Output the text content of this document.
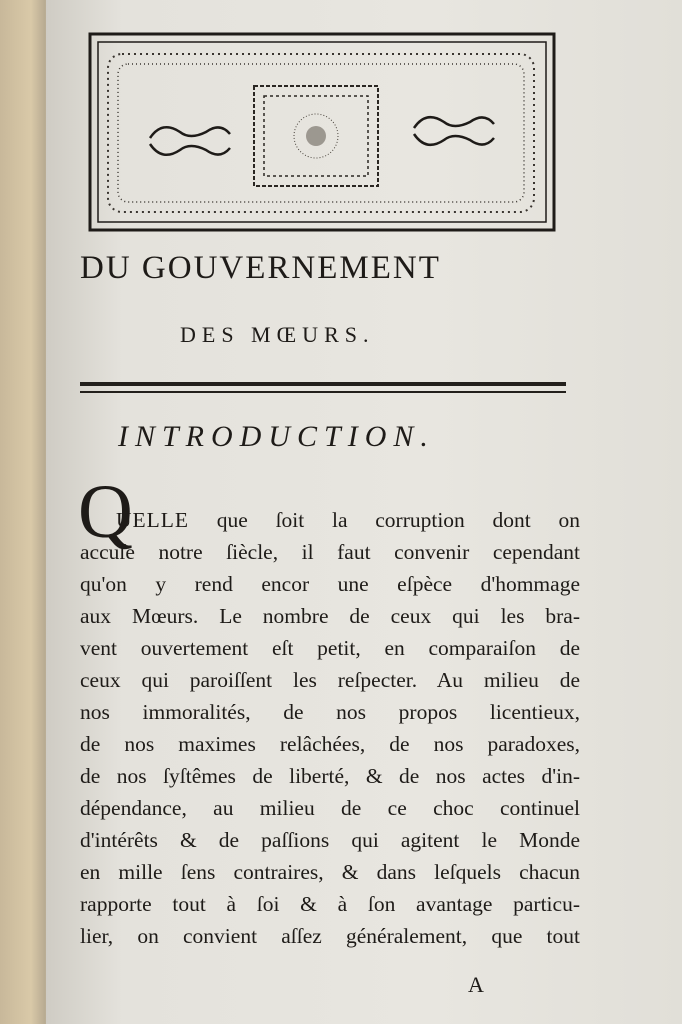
DU GOUVERNEMENT
DES MŒURS.
INTRODUCTION.
Q
UELLE que ſoit la corruption dont on
accuſe notre ſiècle, il faut convenir cependant
qu'on y rend encor une eſpèce d'hommage
aux Mœurs. Le nombre de ceux qui les bra-
vent ouvertement eſt petit, en comparaiſon de
ceux qui paroiſſent les reſpecter. Au milieu de
nos immoralités, de nos propos licentieux,
de nos maximes relâchées, de nos paradoxes,
de nos ſyſtêmes de liberté, & de nos actes d'in-
dépendance, au milieu de ce choc continuel
d'intérêts & de paſſions qui agitent le Monde
en mille ſens contraires, & dans leſquels chacun
rapporte tout à ſoi & à ſon avantage particu-
lier, on convient aſſez généralement, que tout
A
